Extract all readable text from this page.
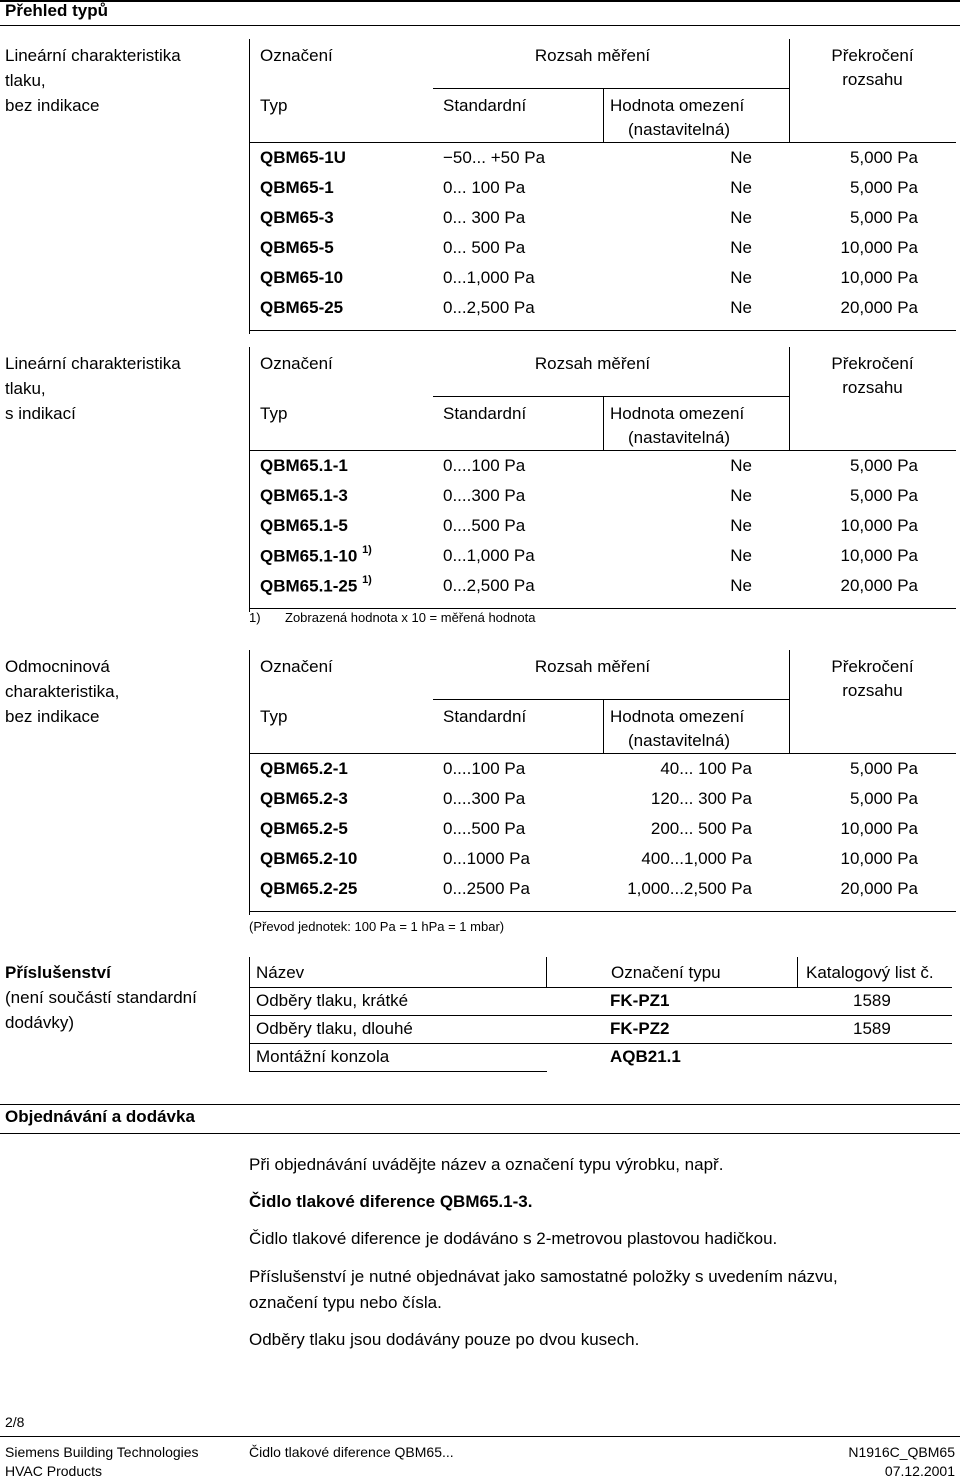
Přehled typů
Lineární charakteristika
tlaku,
bez indikace
Označení	Rozsah měření	Překročení
rozsahu
Typ	Standardní	Hodnota omezení
(nastavitelná)
QBM65-1U	−50... +50 Pa	Ne	5,000 Pa
QBM65-1	0... 100 Pa	Ne	5,000 Pa
QBM65-3	0... 300 Pa	Ne	5,000 Pa
QBM65-5	0... 500 Pa	Ne	10,000 Pa
QBM65-10	0...1,000 Pa	Ne	10,000 Pa
QBM65-25	0...2,500 Pa	Ne	20,000 Pa
Lineární charakteristika
tlaku,
s indikací
Označení	Rozsah měření	Překročení
rozsahu
Typ	Standardní	Hodnota omezení
(nastavitelná)
QBM65.1-1	0....100 Pa	Ne	5,000 Pa
QBM65.1-3	0....300 Pa	Ne	5,000 Pa
QBM65.1-5	0....500 Pa	Ne	10,000 Pa
QBM65.1-10 $^{1)}$	0...1,000 Pa	Ne	10,000 Pa
QBM65.1-25 $^{1)}$	0...2,500 Pa	Ne	20,000 Pa
Odmocninová
charakteristika,
bez indikace
Označení	Rozsah měření	Překročení
rozsahu
Typ	Standardní	Hodnota omezení
(nastavitelná)
QBM65.2-1	0....100 Pa	40... 100 Pa	5,000 Pa
QBM65.2-3	0....300 Pa	120... 300 Pa	5,000 Pa
QBM65.2-5	0....500 Pa	200... 500 Pa	10,000 Pa
QBM65.2-10	0...1000 Pa	400...1,000 Pa	10,000 Pa
QBM65.2-25	0...2500 Pa	1,000...2,500 Pa	20,000 Pa
1) Zobrazená hodnota x 10 = měřená hodnota
(Převod jednotek: 100 Pa = 1 hPa = 1 mbar)
Příslušenství
(není součástí standardní
dodávky)
Název	Označení typu	Katalogový list č.
Odběry tlaku, krátké	FK-PZ1	1589
Odběry tlaku, dlouhé	FK-PZ2	1589
Montážní konzola	AQB21.1
Objednávání a dodávka
Při objednávání uvádějte název a označení typu výrobku, např.
Čidlo tlakové diference QBM65.1-3.
Čidlo tlakové diference je dodáváno s 2-metrovou plastovou hadičkou.
Příslušenství je nutné objednávat jako samostatné položky s uvedením názvu, označení typu nebo čísla.
Odběry tlaku jsou dodávány pouze po dvou kusech.
2/8
Siemens Building Technologies
HVAC Products
Čidlo tlakové diference QBM65...	N1916C_QBM65
07.12.2001
